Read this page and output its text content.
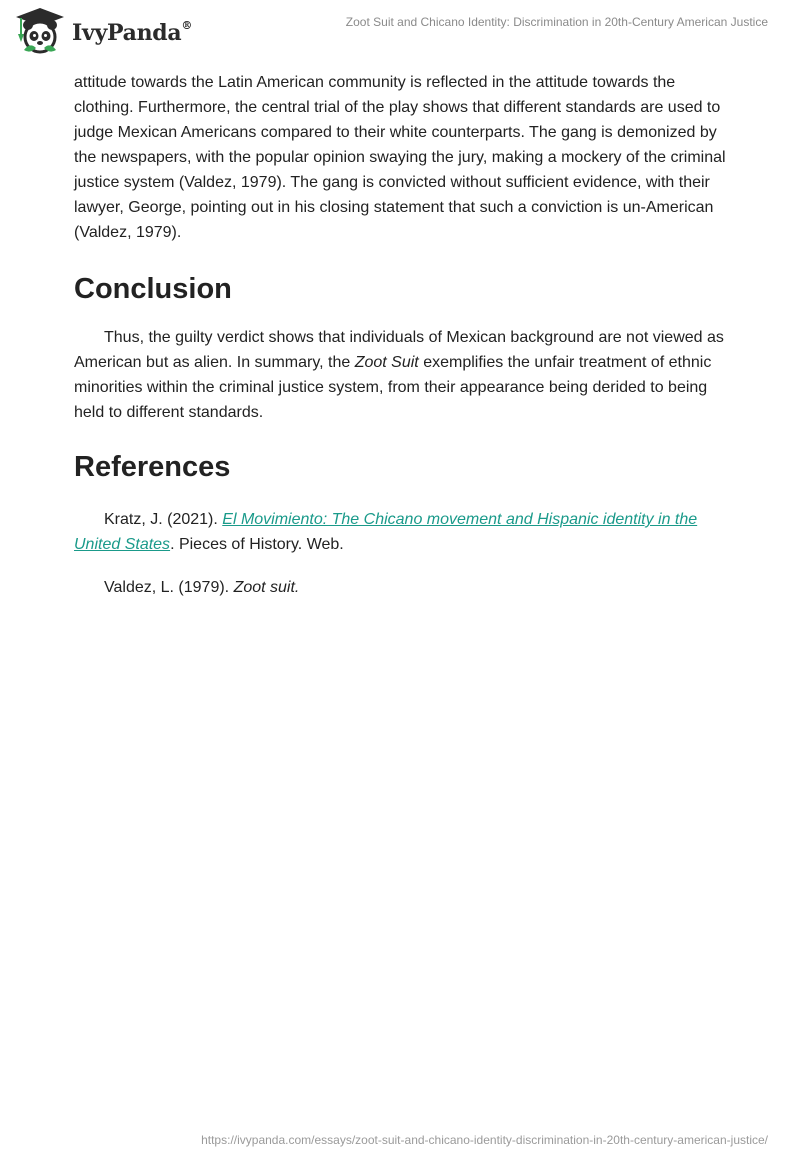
IvyPanda®	Zoot Suit and Chicano Identity: Discrimination in 20th-Century American Justice

attitude towards the Latin American community is reflected in the attitude towards the clothing. Furthermore, the central trial of the play shows that different standards are used to judge Mexican Americans compared to their white counterparts. The gang is demonized by the newspapers, with the popular opinion swaying the jury, making a mockery of the criminal justice system (Valdez, 1979). The gang is convicted without sufficient evidence, with their lawyer, George, pointing out in his closing statement that such a conviction is un-American (Valdez, 1979).

Conclusion

Thus, the guilty verdict shows that individuals of Mexican background are not viewed as American but as alien. In summary, the Zoot Suit exemplifies the unfair treatment of ethnic minorities within the criminal justice system, from their appearance being derided to being held to different standards.

References

Kratz, J. (2021). El Movimiento: The Chicano movement and Hispanic identity in the United States. Pieces of History. Web.

Valdez, L. (1979). Zoot suit.

https://ivypanda.com/essays/zoot-suit-and-chicano-identity-discrimination-in-20th-century-american-justice/
